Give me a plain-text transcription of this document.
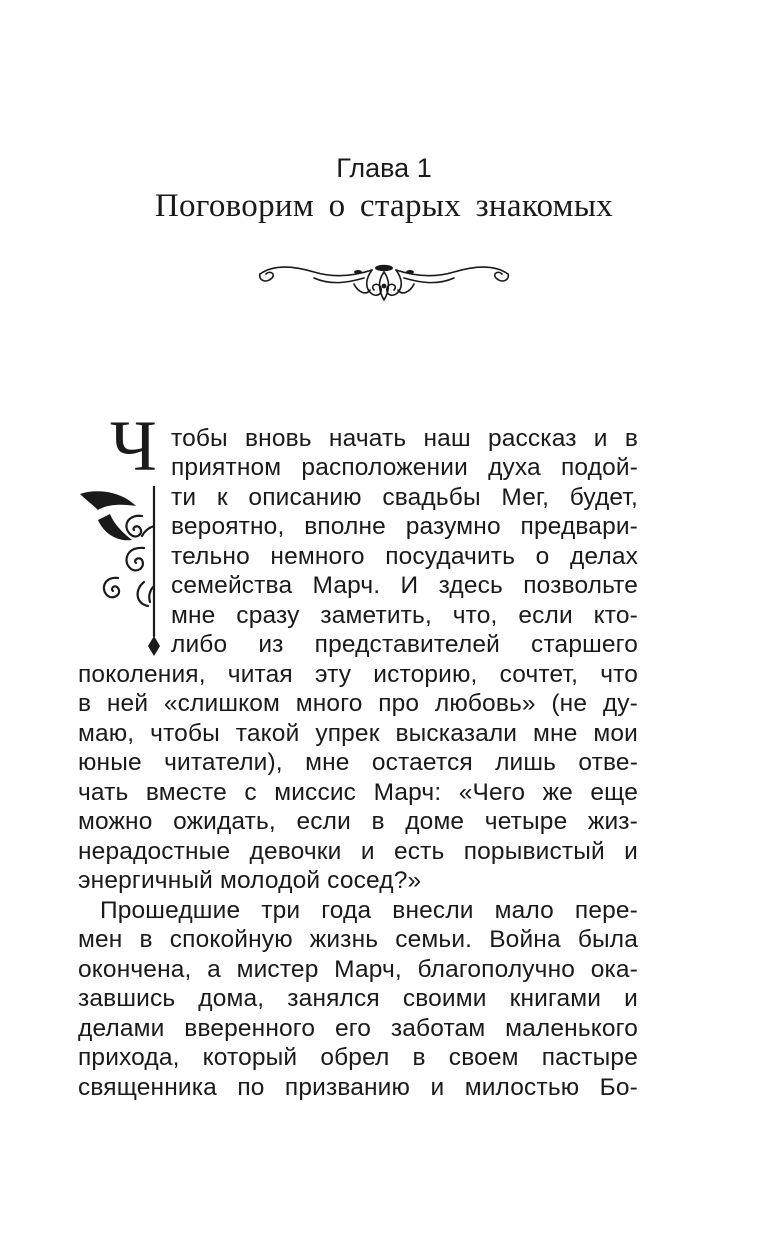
Глава 1
Поговорим о старых знакомых
Ч тобы вновь начать наш рассказ и в
приятном расположении духа подой-
ти к описанию свадьбы Мег, будет,
вероятно, вполне разумно предвари-
тельно немного посудачить о делах
семейства Марч. И здесь позвольте
мне сразу заметить, что, если кто-
либо из представителей старшего
поколения, читая эту историю, сочтет, что
в ней «слишком много про любовь» (не ду-
маю, чтобы такой упрек высказали мне мои
юные читатели), мне остается лишь отве-
чать вместе с миссис Марч: «Чего же еще
можно ожидать, если в доме четыре жиз-
нерадостные девочки и есть порывистый и
энергичный молодой сосед?»
Прошедшие три года внесли мало пере-
мен в спокойную жизнь семьи. Война была
окончена, а мистер Марч, благополучно ока-
завшись дома, занялся своими книгами и
делами вверенного его заботам маленького
прихода, который обрел в своем пастыре
священника по призванию и милостью Бо-
